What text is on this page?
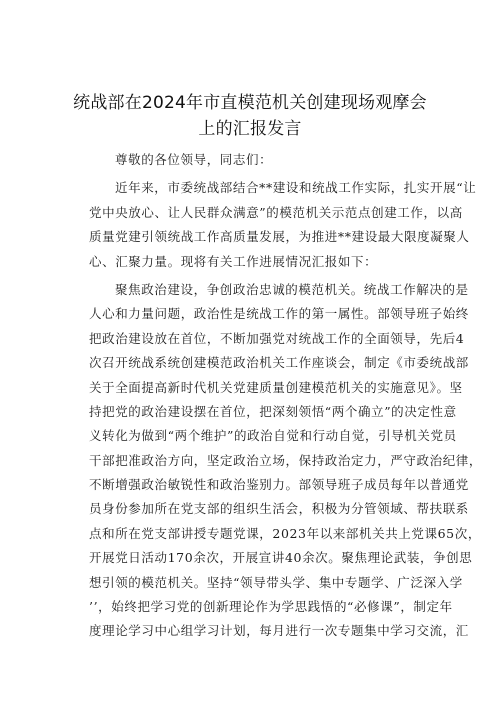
统战部在2024年市直模范机关创建现场观摩会
上的汇报发言
尊敬的各位领导，同志们：
近年来，市委统战部结合**建设和统战工作实际，扎实开展“让
党中央放心、让人民群众满意”的模范机关示范点创建工作，以高
质量党建引领统战工作高质量发展，为推进**建设最大限度凝聚人
心、汇聚力量。现将有关工作进展情况汇报如下：
聚焦政治建设，争创政治忠诚的模范机关。统战工作解决的是
人心和力量问题，政治性是统战工作的第一属性。部领导班子始终
把政治建设放在首位，不断加强党对统战工作的全面领导，先后4
次召开统战系统创建模范政治机关工作座谈会，制定《市委统战部
关于全面提高新时代机关党建质量创建模范机关的实施意见》。坚
持把党的政治建设摆在首位，把深刻领悟“两个确立”的决定性意
义转化为做到“两个维护”的政治自觉和行动自觉，引导机关党员
干部把准政治方向，坚定政治立场，保持政治定力，严守政治纪律，
不断增强政治敏锐性和政治鉴别力。部领导班子成员每年以普通党
员身份参加所在党支部的组织生活会，积极为分管领域、帮扶联系
点和所在党支部讲授专题党课，2023年以来部机关共上党课65次，
开展党日活动170余次，开展宣讲40余次。聚焦理论武装，争创思
想引领的模范机关。坚持“领导带头学、集中专题学、广泛深入学
’’，始终把学习党的创新理论作为学思践悟的“必修课”，制定年
度理论学习中心组学习计划，每月进行一次专题集中学习交流，汇
